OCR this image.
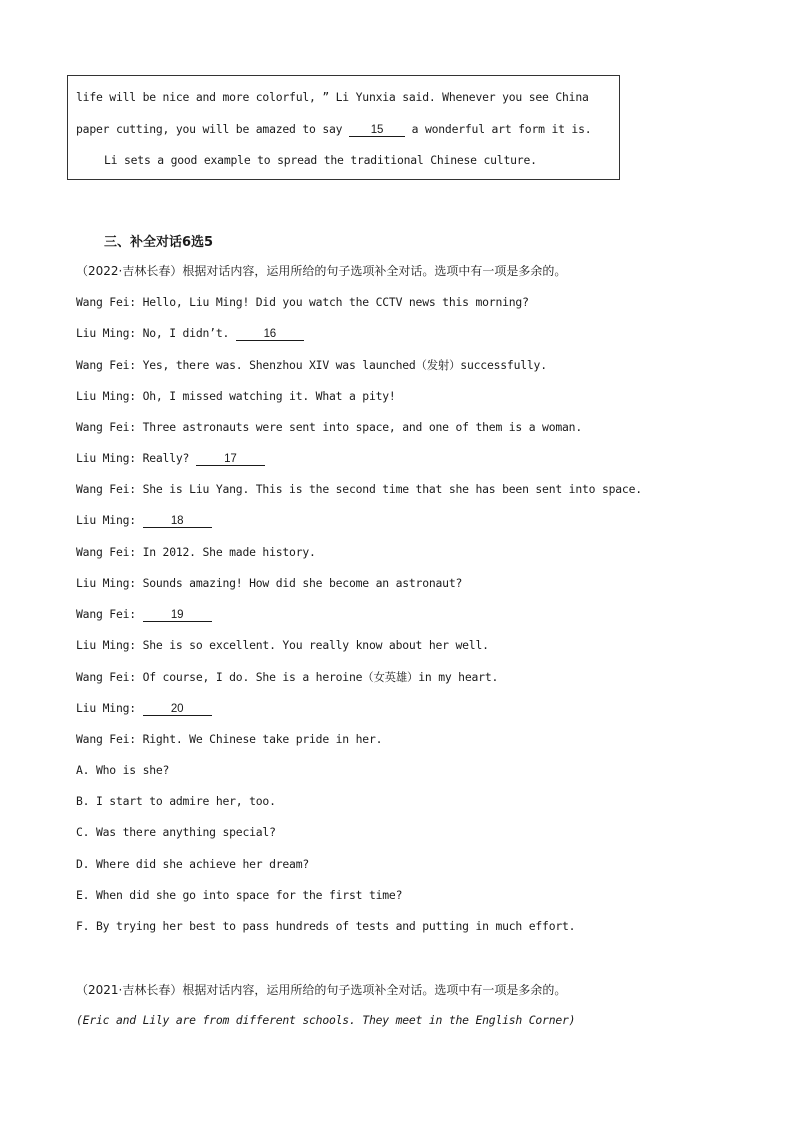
life will be nice and more colorful, ” Li Yunxia said. Whenever you see China
paper cutting, you will be amazed to say 15 a wonderful art form it is.
Li sets a good example to spread the traditional Chinese culture.
三、补全对话6选5
（2022·吉林长春）根据对话内容，运用所给的句子选项补全对话。选项中有一项是多余的。
Wang Fei: Hello, Liu Ming! Did you watch the CCTV news this morning?
Liu Ming: No, I didn’t. 16
Wang Fei: Yes, there was. Shenzhou XIV was launched（发射）successfully.
Liu Ming: Oh, I missed watching it. What a pity!
Wang Fei: Three astronauts were sent into space, and one of them is a woman.
Liu Ming: Really? 17
Wang Fei: She is Liu Yang. This is the second time that she has been sent into space.
Liu Ming: 18
Wang Fei: In 2012. She made history.
Liu Ming: Sounds amazing! How did she become an astronaut?
Wang Fei: 19
Liu Ming: She is so excellent. You really know about her well.
Wang Fei: Of course, I do. She is a heroine（女英雄）in my heart.
Liu Ming: 20
Wang Fei: Right. We Chinese take pride in her.
A. Who is she?
B. I start to admire her, too.
C. Was there anything special?
D. Where did she achieve her dream?
E. When did she go into space for the first time?
F. By trying her best to pass hundreds of tests and putting in much effort.
（2021·吉林长春）根据对话内容，运用所给的句子选项补全对话。选项中有一项是多余的。
(Eric and Lily are from different schools. They meet in the English Corner)
